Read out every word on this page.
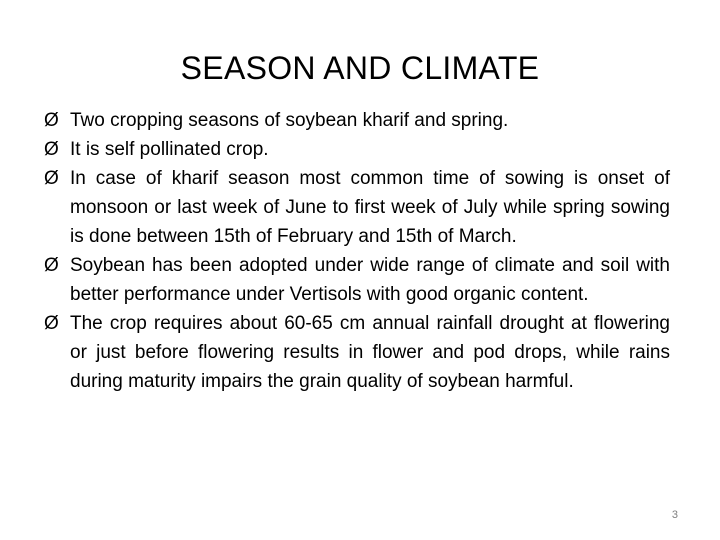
SEASON AND CLIMATE
Ø Two cropping seasons of soybean kharif and spring.
Ø It is self pollinated crop.
Ø In case of kharif season most common time of sowing is onset of monsoon or last week of June to first week of July while spring sowing is done between 15th of February and 15th of March.
Ø Soybean has been adopted under wide range of climate and soil with better performance under Vertisols with good organic content.
Ø The crop requires about 60-65 cm annual rainfall drought at flowering or just before flowering results in flower and pod drops, while rains during maturity impairs the grain quality of soybean harmful.
3
